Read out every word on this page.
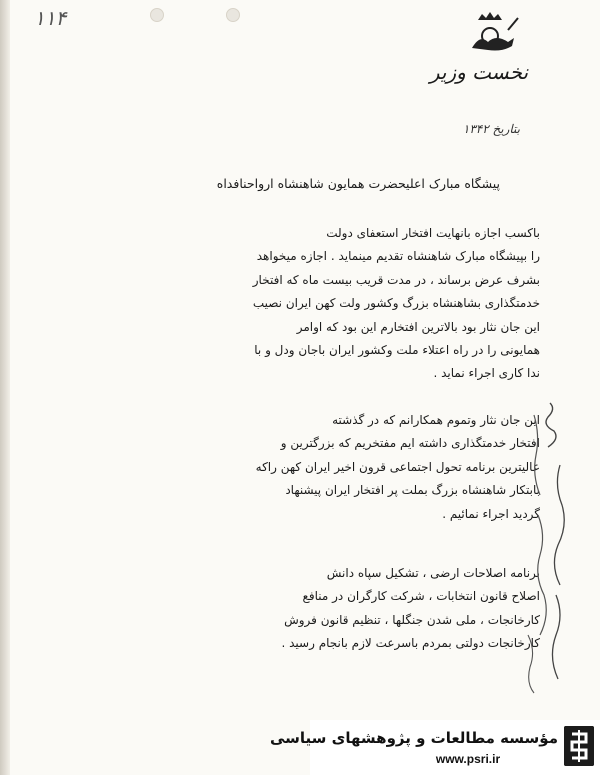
۱۱۴
نخست وزیر
بتاریخ ۱۳۴۲
پیشگاه مبارک اعلیحضرت همایون شاهنشاه ارواحنافداه
باکسب اجازه بانهایت افتخار استعفای دولت
را بپیشگاه مبارک شاهنشاه تقدیم مینماید . اجازه میخواهد
بشرف عرض برساند ، در مدت قریب بیست ماه که افتخار
خدمتگذاری بشاهنشاه بزرگ وکشور ولت کهن ایران نصیب
این جان نثار بود بالاترین افتخارم این بود که اوامر
همایونی را در راه اعتلاء ملت وکشور ایران باجان ودل و با
ندا کاری اجراء نماید .
این جان نثار وتموم همکارانم که در گذشته
افتخار خدمتگذاری داشته ایم مفتخریم که بزرگترین و
عالیترین برنامه تحول اجتماعی قرون اخیر ایران کهن راکه
بابتکار شاهنشاه بزرگ بملت پر افتخار ایران پیشنهاد
گردید اجراء نمائیم .
برنامه اصلاحات ارضی ، تشکیل سپاه دانش
اصلاح قانون انتخابات ، شرکت کارگران در منافع
کارخانجات ، ملی شدن جنگلها ، تنظیم قانون فروش
کارخانجات دولتی بمردم باسرعت لازم بانجام رسید .
مؤسسه مطالعات و پژوهشهای سیاسی
www.psri.ir
